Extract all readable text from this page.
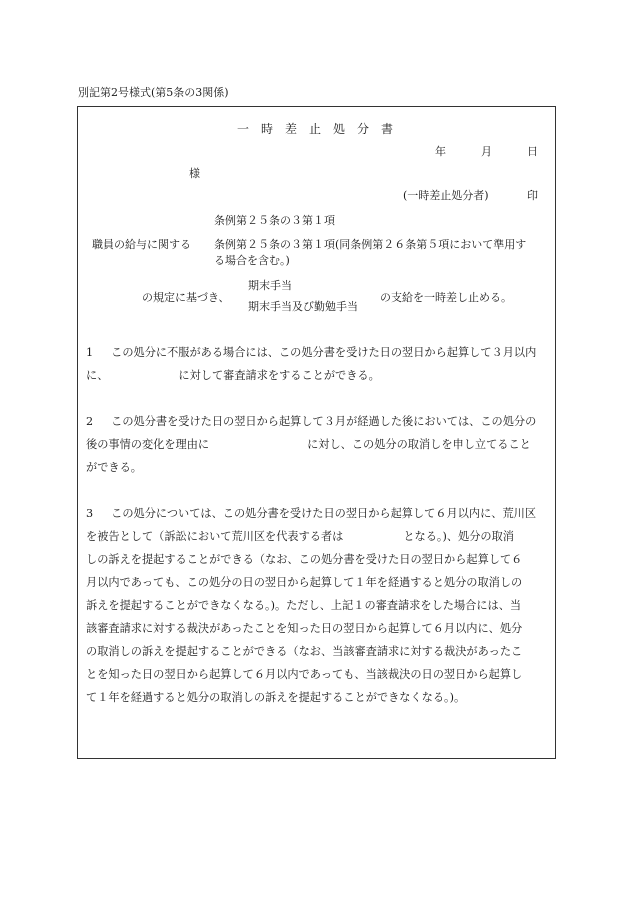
別記第2号様式(第5条の3関係)
一時差止処分書
年	月	日
様
(一時差止処分者)	印
職員の給与に関する
条例第２５条の３第１項
条例第２５条の３第１項(同条例第２６条第５項において準用す
る場合を含む。)
の規定に基づき、
期末手当
期末手当及び勤勉手当
の支給を一時差し止める。
1 この処分に不服がある場合には、この処分書を受けた日の翌日から起算して３月以内
に、	に対して審査請求をすることができる。
2 この処分書を受けた日の翌日から起算して３月が経過した後においては、この処分の
後の事情の変化を理由に	に対し、この処分の取消しを申し立てること
ができる。
3 この処分については、この処分書を受けた日の翌日から起算して６月以内に、荒川区
を被告として（訴訟において荒川区を代表する者は	となる。)、処分の取消
しの訴えを提起することができる（なお、この処分書を受けた日の翌日から起算して６
月以内であっても、この処分の日の翌日から起算して１年を経過すると処分の取消しの
訴えを提起することができなくなる。)。ただし、上記１の審査請求をした場合には、当
該審査請求に対する裁決があったことを知った日の翌日から起算して６月以内に、処分
の取消しの訴えを提起することができる（なお、当該審査請求に対する裁決があったこ
とを知った日の翌日から起算して６月以内であっても、当該裁決の日の翌日から起算し
て１年を経過すると処分の取消しの訴えを提起することができなくなる。)。
